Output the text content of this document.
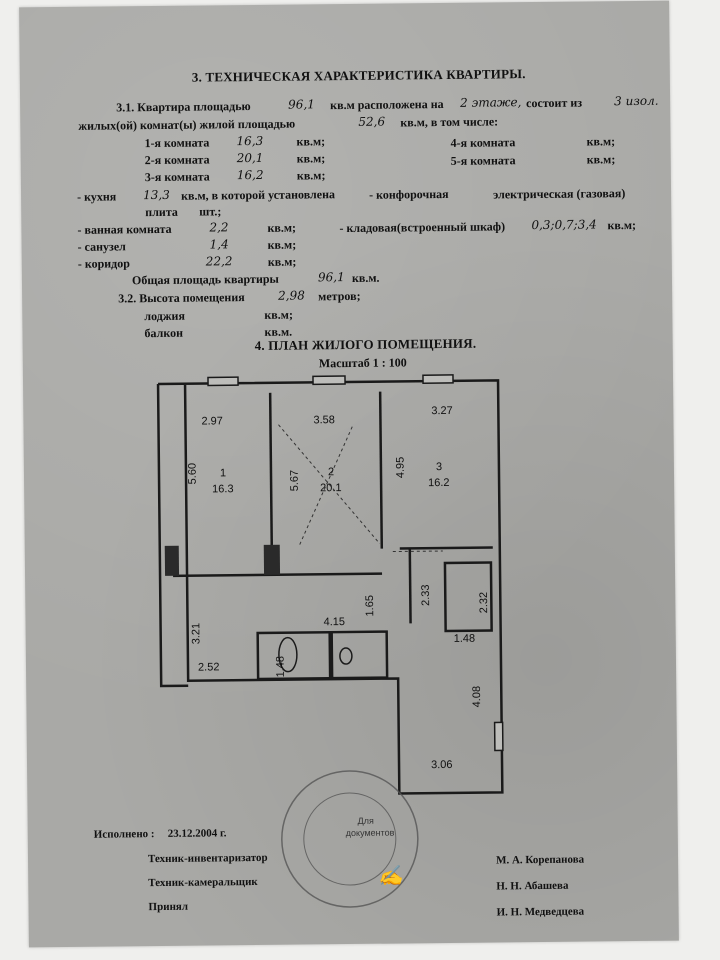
3. ТЕХНИЧЕСКАЯ ХАРАКТЕРИСТИКА КВАРТИРЫ.
3.1. Квартира площадью	96,1 кв.м расположена на 2 этаже, состоит из	3 изол.
жилых(ой) комнат(ы) жилой площадью	52,6 кв.м, в том числе:
1-я комната 16,3	кв.м;	4-я комната	кв.м;
2-я комната 20,1	кв.м;	5-я комната	кв.м;
3-я комната 16,2	кв.м;
- кухня 13,3 кв.м, в которой установлена	- конфорочная	электрическая (газовая)
плита шт.;
- ванная комната	2,2	кв.м;	- кладовая(встроенный шкаф) 0,3;0,7;3,4 кв.м;
- санузел	1,4	кв.м;
- коридор	22,2	кв.м;
Общая площадь квартиры	96,1 кв.м.
3.2. Высота помещения	2,98 метров;
лоджия	кв.м;
балкон	кв.м.
4. ПЛАН ЖИЛОГО ПОМЕЩЕНИЯ.
Масштаб 1 : 100
2.97	3.58
3.27
5.60	5.67
4.95
1
16.3
2
20.1
3
16.2
3.21
1.65	2.33	2.32
4.15
1.48
1.48
2.52
4.08
3.06
Для
документов
✍
Исполнено : 23.12.2004 г.
Техник-инвентаризатор
Техник-камеральщик
Принял
М. А. Корепанова
Н. Н. Абашева
И. Н. Медведцева
